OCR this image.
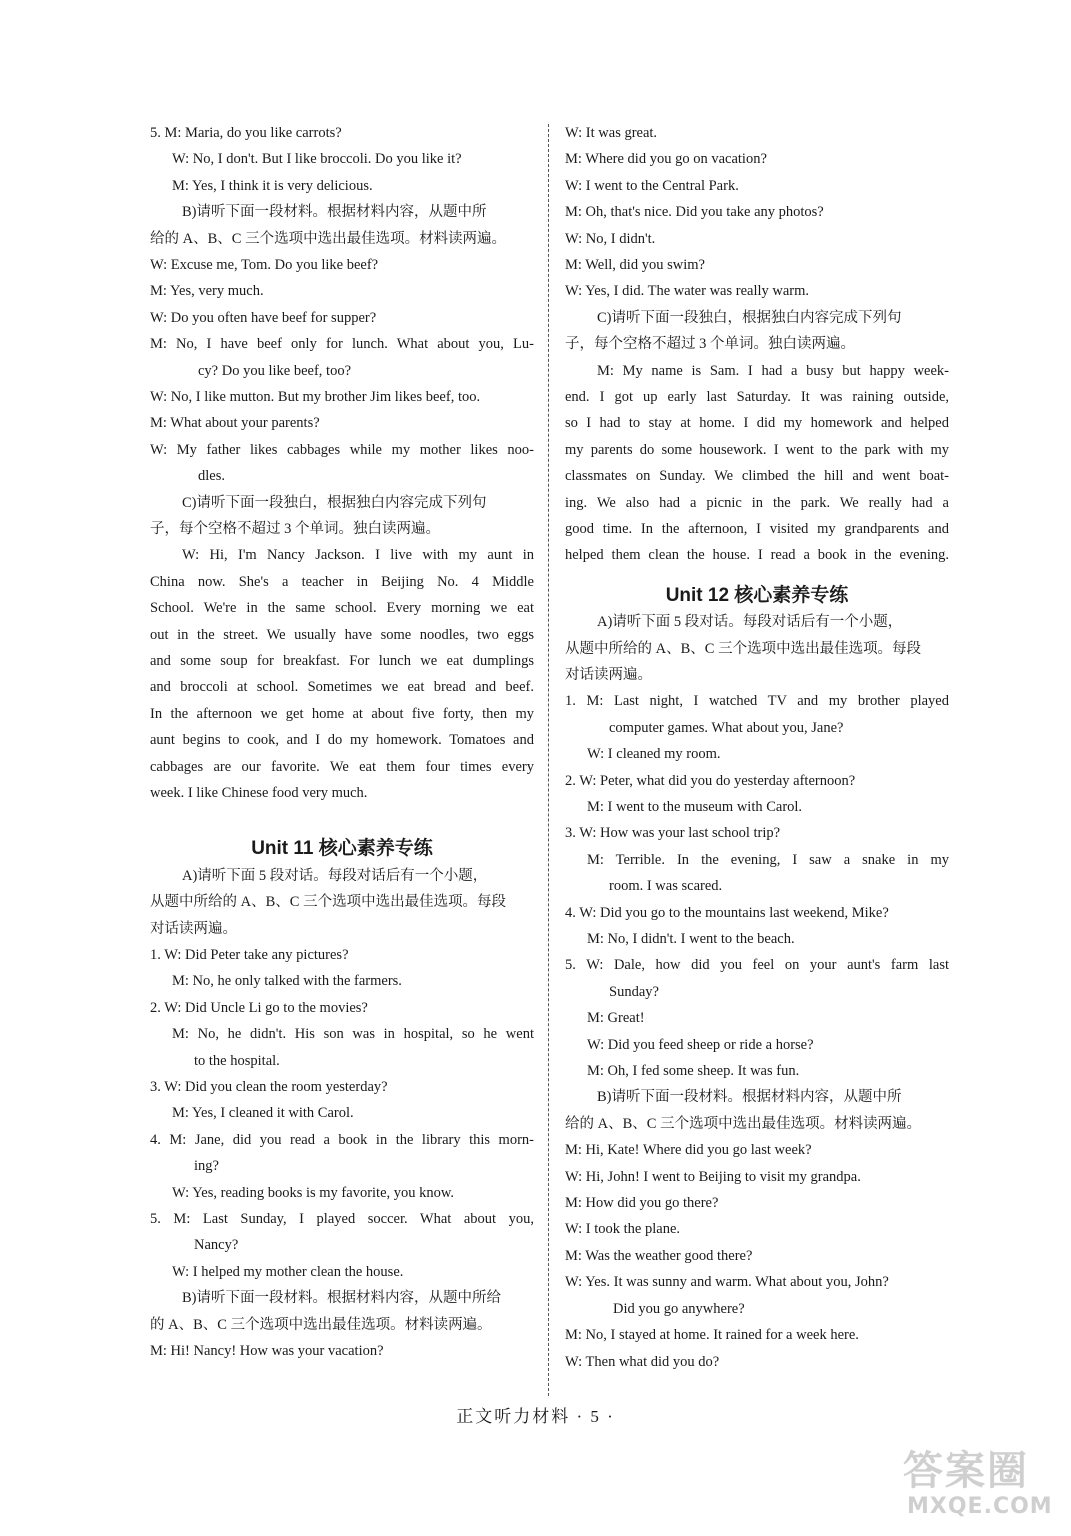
5. M: Maria, do you like carrots?
W: No, I don't. But I like broccoli. Do you like it?
M: Yes, I think it is very delicious.
B)请听下面一段材料。根据材料内容，从题中所
给的 A、B、C 三个选项中选出最佳选项。材料读两遍。
W: Excuse me, Tom. Do you like beef?
M: Yes, very much.
W: Do you often have beef for supper?
M: No, I have beef only for lunch. What about you, Lu-
cy? Do you like beef, too?
W: No, I like mutton. But my brother Jim likes beef, too.
M: What about your parents?
W: My father likes cabbages while my mother likes noo-
dles.
C)请听下面一段独白，根据独白内容完成下列句
子，每个空格不超过 3 个单词。独白读两遍。
W: Hi, I'm Nancy Jackson. I live with my aunt in
China now. She's a teacher in Beijing No. 4 Middle
School. We're in the same school. Every morning we eat
out in the street. We usually have some noodles, two eggs
and some soup for breakfast. For lunch we eat dumplings
and broccoli at school. Sometimes we eat bread and beef.
In the afternoon we get home at about five forty, then my
aunt begins to cook, and I do my homework. Tomatoes and
cabbages are our favorite. We eat them four times every
week. I like Chinese food very much.
Unit 11 核心素养专练
A)请听下面 5 段对话。每段对话后有一个小题，
从题中所给的 A、B、C 三个选项中选出最佳选项。每段
对话读两遍。
1. W: Did Peter take any pictures?
M: No, he only talked with the farmers.
2. W: Did Uncle Li go to the movies?
M: No, he didn't. His son was in hospital, so he went
to the hospital.
3. W: Did you clean the room yesterday?
M: Yes, I cleaned it with Carol.
4. M: Jane, did you read a book in the library this morn-
ing?
W: Yes, reading books is my favorite, you know.
5. M: Last Sunday, I played soccer. What about you,
Nancy?
W: I helped my mother clean the house.
B)请听下面一段材料。根据材料内容，从题中所给
的 A、B、C 三个选项中选出最佳选项。材料读两遍。
M: Hi! Nancy! How was your vacation?
W: It was great.
M: Where did you go on vacation?
W: I went to the Central Park.
M: Oh, that's nice. Did you take any photos?
W: No, I didn't.
M: Well, did you swim?
W: Yes, I did. The water was really warm.
C)请听下面一段独白，根据独白内容完成下列句
子，每个空格不超过 3 个单词。独白读两遍。
M: My name is Sam. I had a busy but happy week-
end. I got up early last Saturday. It was raining outside,
so I had to stay at home. I did my homework and helped
my parents do some housework. I went to the park with my
classmates on Sunday. We climbed the hill and went boat-
ing. We also had a picnic in the park. We really had a
good time. In the afternoon, I visited my grandparents and
helped them clean the house. I read a book in the evening.
Unit 12 核心素养专练
A)请听下面 5 段对话。每段对话后有一个小题，
从题中所给的 A、B、C 三个选项中选出最佳选项。每段
对话读两遍。
1. M: Last night, I watched TV and my brother played
computer games. What about you, Jane?
W: I cleaned my room.
2. W: Peter, what did you do yesterday afternoon?
M: I went to the museum with Carol.
3. W: How was your last school trip?
M: Terrible. In the evening, I saw a snake in my
room. I was scared.
4. W: Did you go to the mountains last weekend, Mike?
M: No, I didn't. I went to the beach.
5. W: Dale, how did you feel on your aunt's farm last
Sunday?
M: Great!
W: Did you feed sheep or ride a horse?
M: Oh, I fed some sheep. It was fun.
B)请听下面一段材料。根据材料内容，从题中所
给的 A、B、C 三个选项中选出最佳选项。材料读两遍。
M: Hi, Kate! Where did you go last week?
W: Hi, John! I went to Beijing to visit my grandpa.
M: How did you go there?
W: I took the plane.
M: Was the weather good there?
W: Yes. It was sunny and warm. What about you, John?
Did you go anywhere?
M: No, I stayed at home. It rained for a week here.
W: Then what did you do?
正文听力材料 · 5 ·
答案圈
MXQE.COM
